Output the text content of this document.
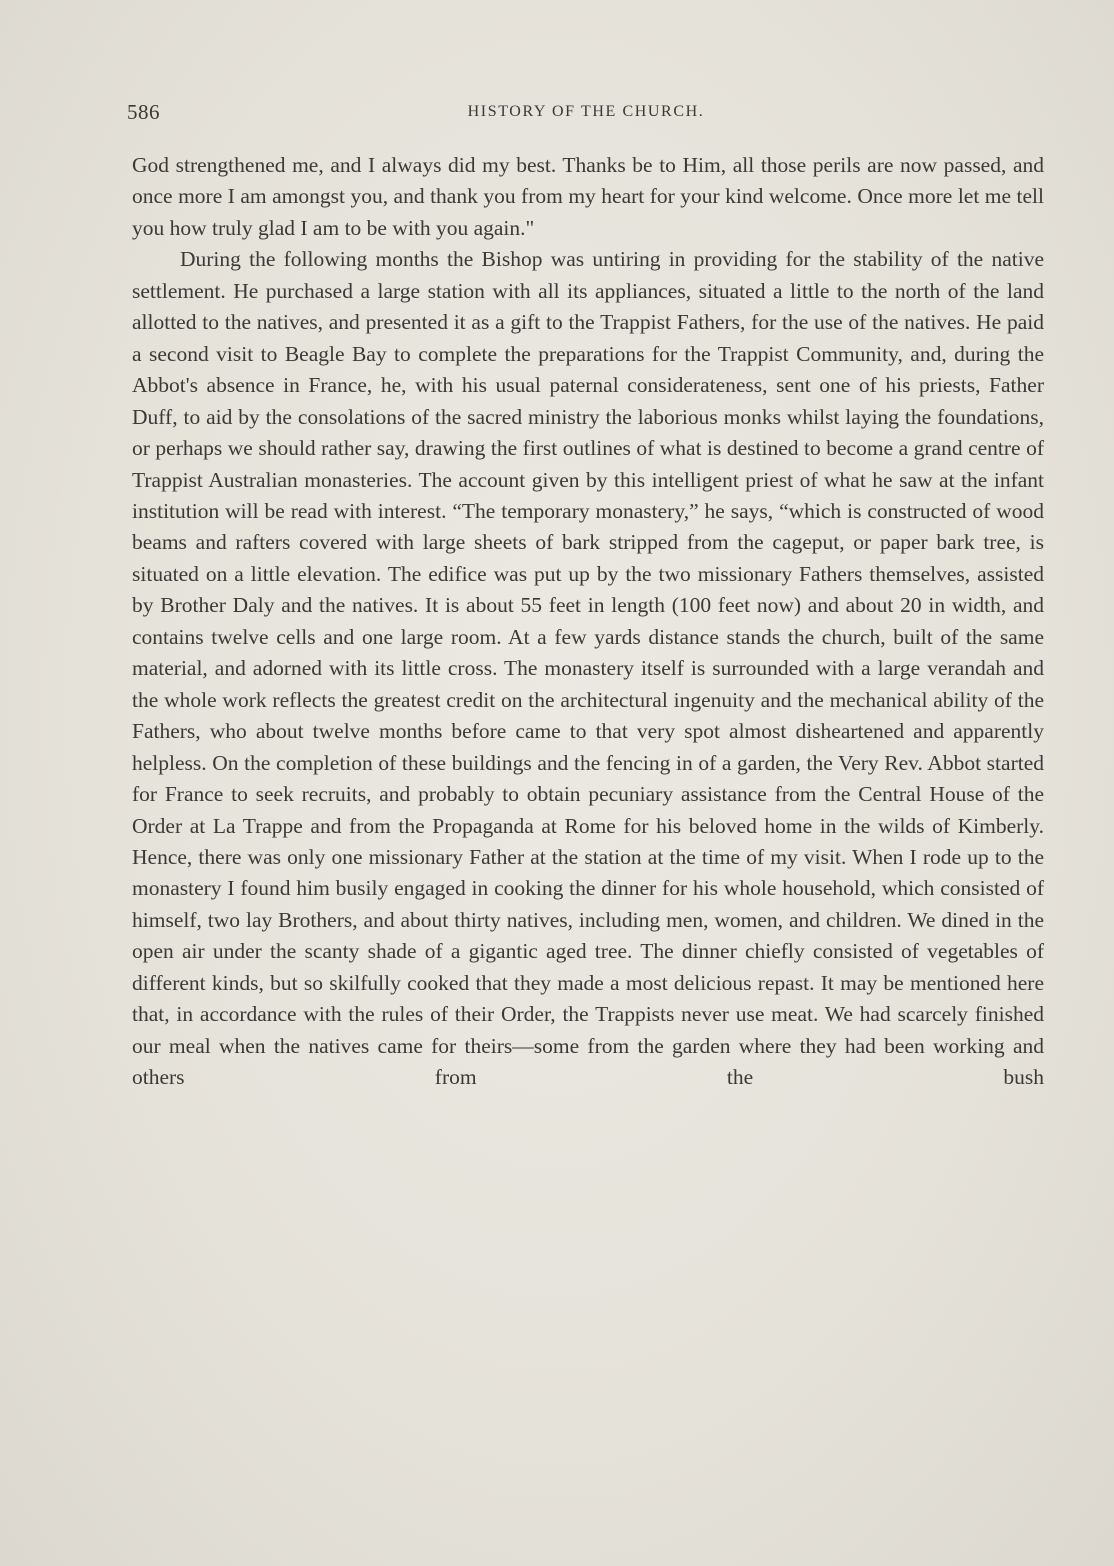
586	HISTORY OF THE CHURCH.

God strengthened me, and I always did my best. Thanks be to Him, all those perils are now passed, and once more I am amongst you, and thank you from my heart for your kind welcome. Once more let me tell you how truly glad I am to be with you again."

During the following months the Bishop was untiring in providing for the stability of the native settlement. He purchased a large station with all its appliances, situated a little to the north of the land allotted to the natives, and presented it as a gift to the Trappist Fathers, for the use of the natives. He paid a second visit to Beagle Bay to complete the preparations for the Trappist Community, and, during the Abbot's absence in France, he, with his usual paternal considerateness, sent one of his priests, Father Duff, to aid by the consolations of the sacred ministry the laborious monks whilst laying the foundations, or perhaps we should rather say, drawing the first outlines of what is destined to become a grand centre of Trappist Australian monasteries. The account given by this intelligent priest of what he saw at the infant institution will be read with interest. “The temporary monastery,” he says, “which is constructed of wood beams and rafters covered with large sheets of bark stripped from the cageput, or paper bark tree, is situated on a little elevation. The edifice was put up by the two missionary Fathers themselves, assisted by Brother Daly and the natives. It is about 55 feet in length (100 feet now) and about 20 in width, and contains twelve cells and one large room. At a few yards distance stands the church, built of the same material, and adorned with its little cross. The monastery itself is surrounded with a large verandah and the whole work reflects the greatest credit on the architectural ingenuity and the mechanical ability of the Fathers, who about twelve months before came to that very spot almost disheartened and apparently helpless. On the completion of these buildings and the fencing in of a garden, the Very Rev. Abbot started for France to seek recruits, and probably to obtain pecuniary assistance from the Central House of the Order at La Trappe and from the Propaganda at Rome for his beloved home in the wilds of Kimberly. Hence, there was only one missionary Father at the station at the time of my visit. When I rode up to the monastery I found him busily engaged in cooking the dinner for his whole household, which consisted of himself, two lay Brothers, and about thirty natives, including men, women, and children. We dined in the open air under the scanty shade of a gigantic aged tree. The dinner chiefly consisted of vegetables of different kinds, but so skilfully cooked that they made a most delicious repast. It may be mentioned here that, in accordance with the rules of their Order, the Trappists never use meat. We had scarcely finished our meal when the natives came for theirs—some from the garden where they had been working and others from the bush
